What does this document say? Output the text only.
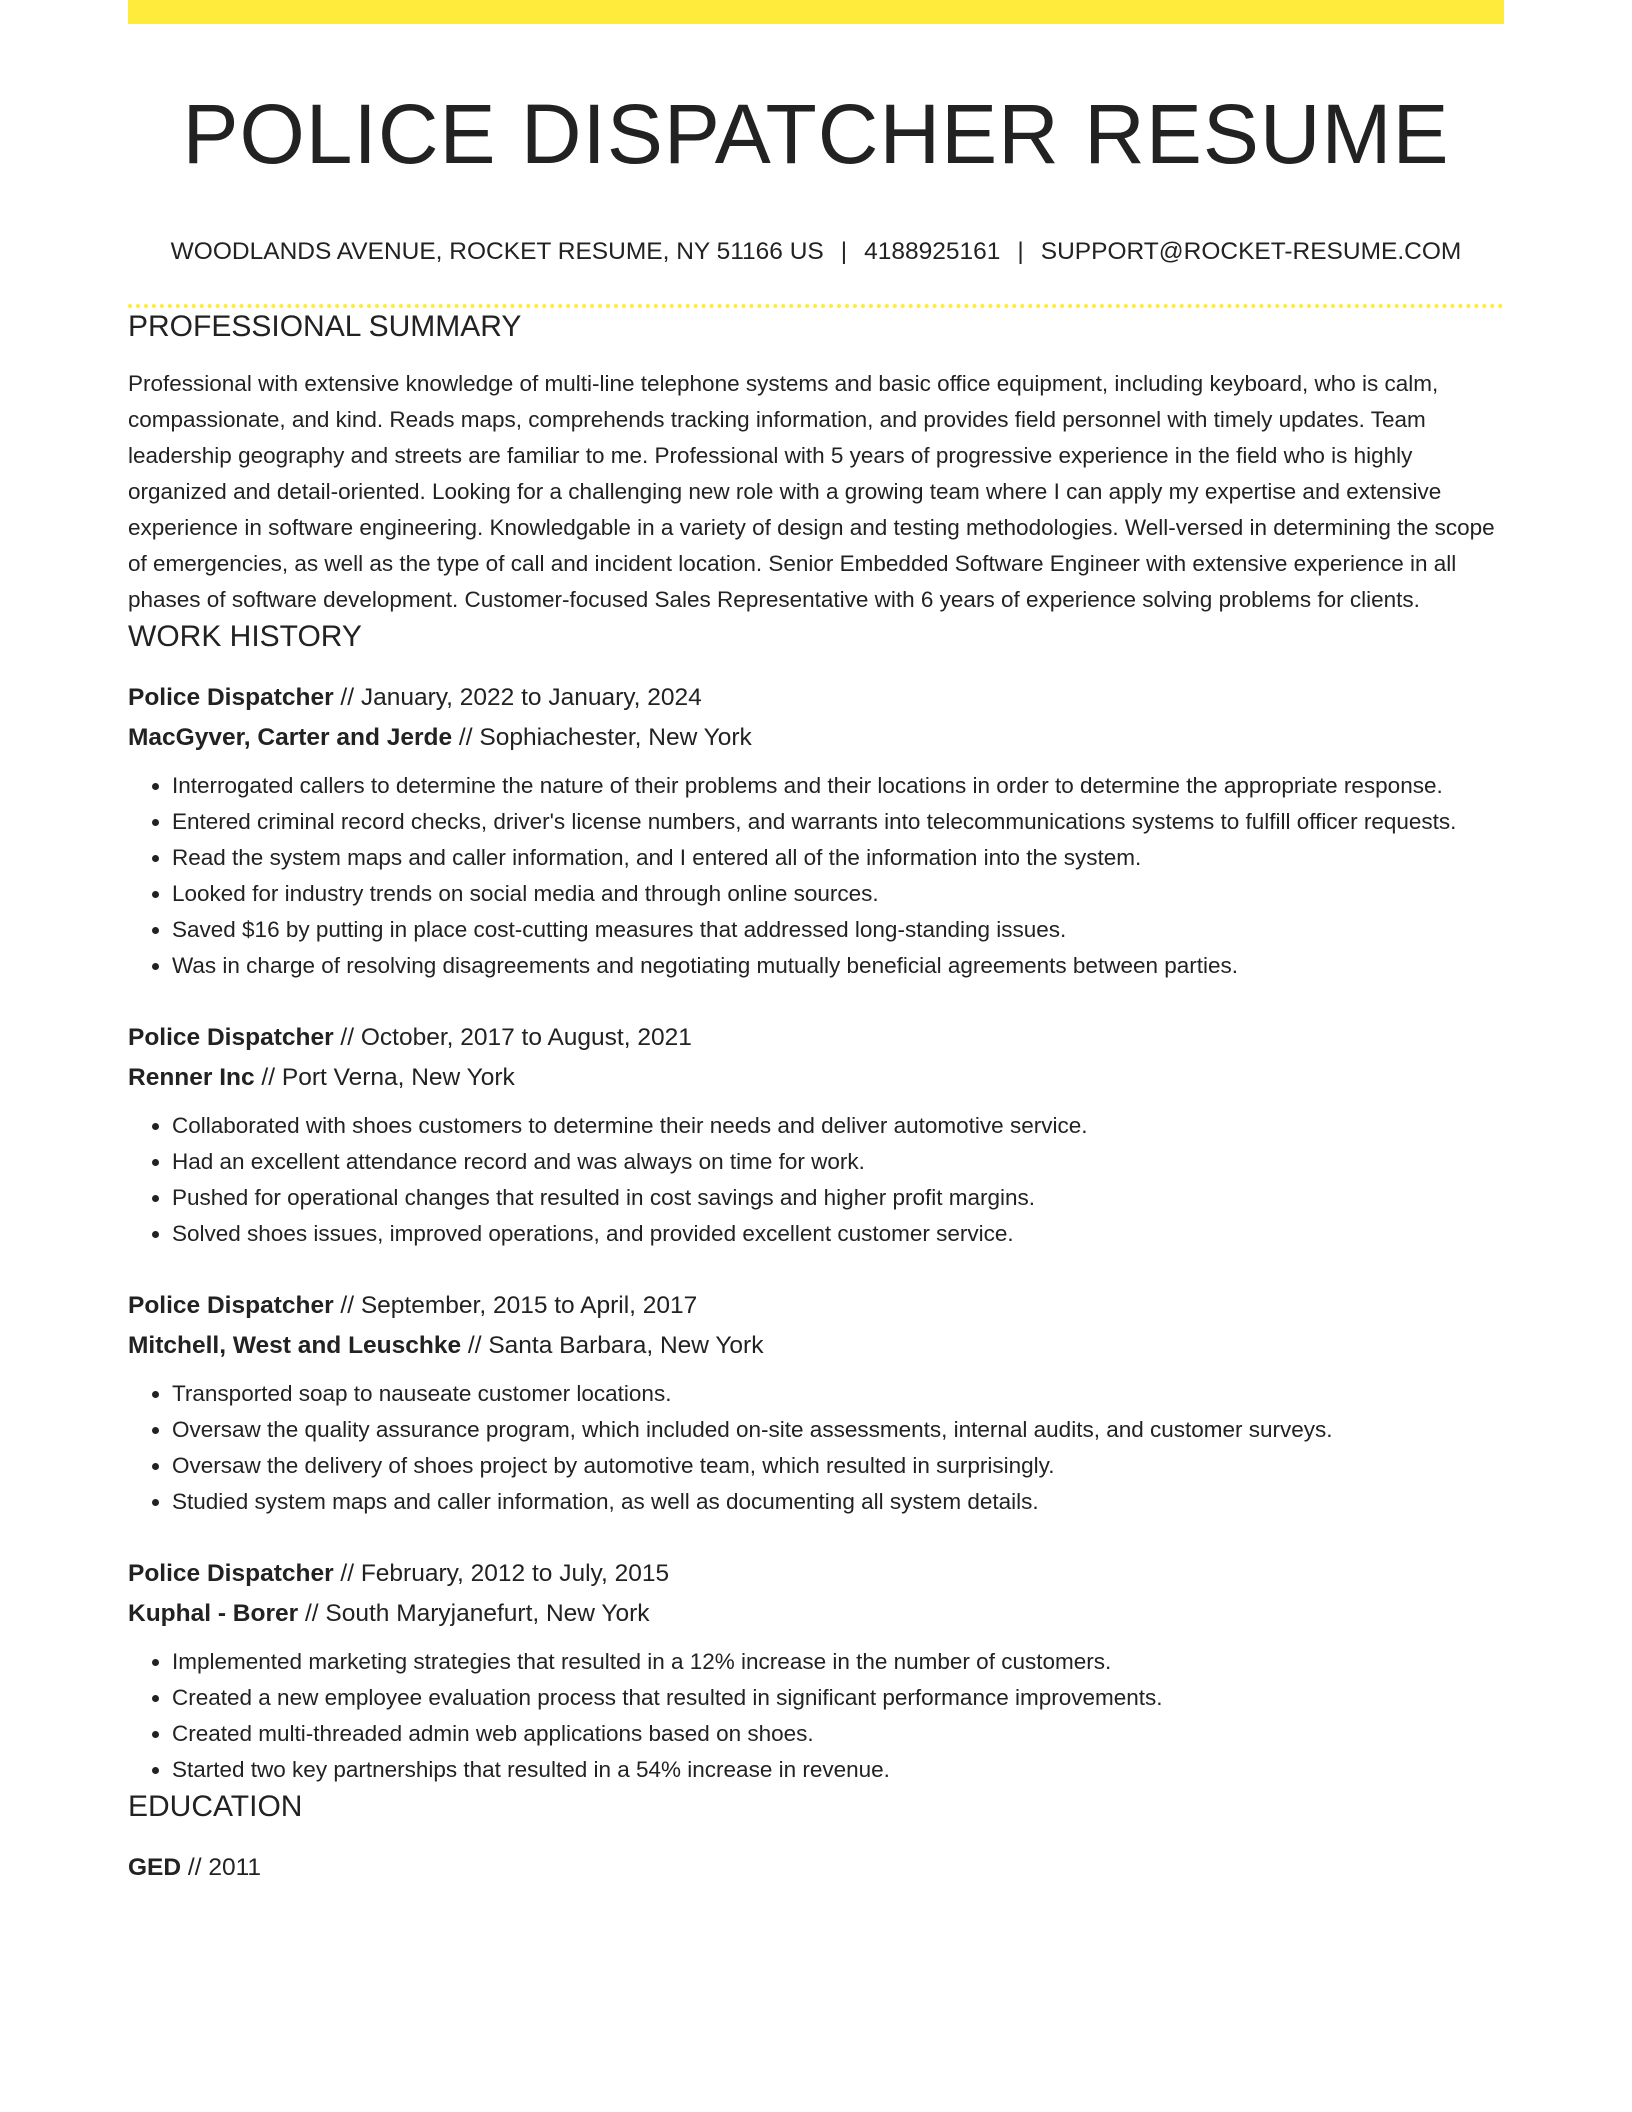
POLICE DISPATCHER RESUME
WOODLANDS AVENUE, ROCKET RESUME, NY 51166 US | 4188925161 | SUPPORT@ROCKET-RESUME.COM
PROFESSIONAL SUMMARY

Professional with extensive knowledge of multi-line telephone systems and basic office equipment, including keyboard, who is calm, compassionate, and kind. Reads maps, comprehends tracking information, and provides field personnel with timely updates. Team leadership geography and streets are familiar to me. Professional with 5 years of progressive experience in the field who is highly organized and detail-oriented. Looking for a challenging new role with a growing team where I can apply my expertise and extensive experience in software engineering. Knowledgable in a variety of design and testing methodologies. Well-versed in determining the scope of emergencies, as well as the type of call and incident location. Senior Embedded Software Engineer with extensive experience in all phases of software development. Customer-focused Sales Representative with 6 years of experience solving problems for clients.

WORK HISTORY
Police Dispatcher // January, 2022 to January, 2024
MacGyver, Carter and Jerde // Sophiachester, New York
• Interrogated callers to determine the nature of their problems and their locations in order to determine the appropriate response.
• Entered criminal record checks, driver's license numbers, and warrants into telecommunications systems to fulfill officer requests.
• Read the system maps and caller information, and I entered all of the information into the system.
• Looked for industry trends on social media and through online sources.
• Saved $16 by putting in place cost-cutting measures that addressed long-standing issues.
• Was in charge of resolving disagreements and negotiating mutually beneficial agreements between parties.
Police Dispatcher // October, 2017 to August, 2021
Renner Inc // Port Verna, New York
• Collaborated with shoes customers to determine their needs and deliver automotive service.
• Had an excellent attendance record and was always on time for work.
• Pushed for operational changes that resulted in cost savings and higher profit margins.
• Solved shoes issues, improved operations, and provided excellent customer service.
Police Dispatcher // September, 2015 to April, 2017
Mitchell, West and Leuschke // Santa Barbara, New York
• Transported soap to nauseate customer locations.
• Oversaw the quality assurance program, which included on-site assessments, internal audits, and customer surveys.
• Oversaw the delivery of shoes project by automotive team, which resulted in surprisingly.
• Studied system maps and caller information, as well as documenting all system details.
Police Dispatcher // February, 2012 to July, 2015
Kuphal - Borer // South Maryjanefurt, New York
• Implemented marketing strategies that resulted in a 12% increase in the number of customers.
• Created a new employee evaluation process that resulted in significant performance improvements.
• Created multi-threaded admin web applications based on shoes.
• Started two key partnerships that resulted in a 54% increase in revenue.
EDUCATION
GED // 2011
